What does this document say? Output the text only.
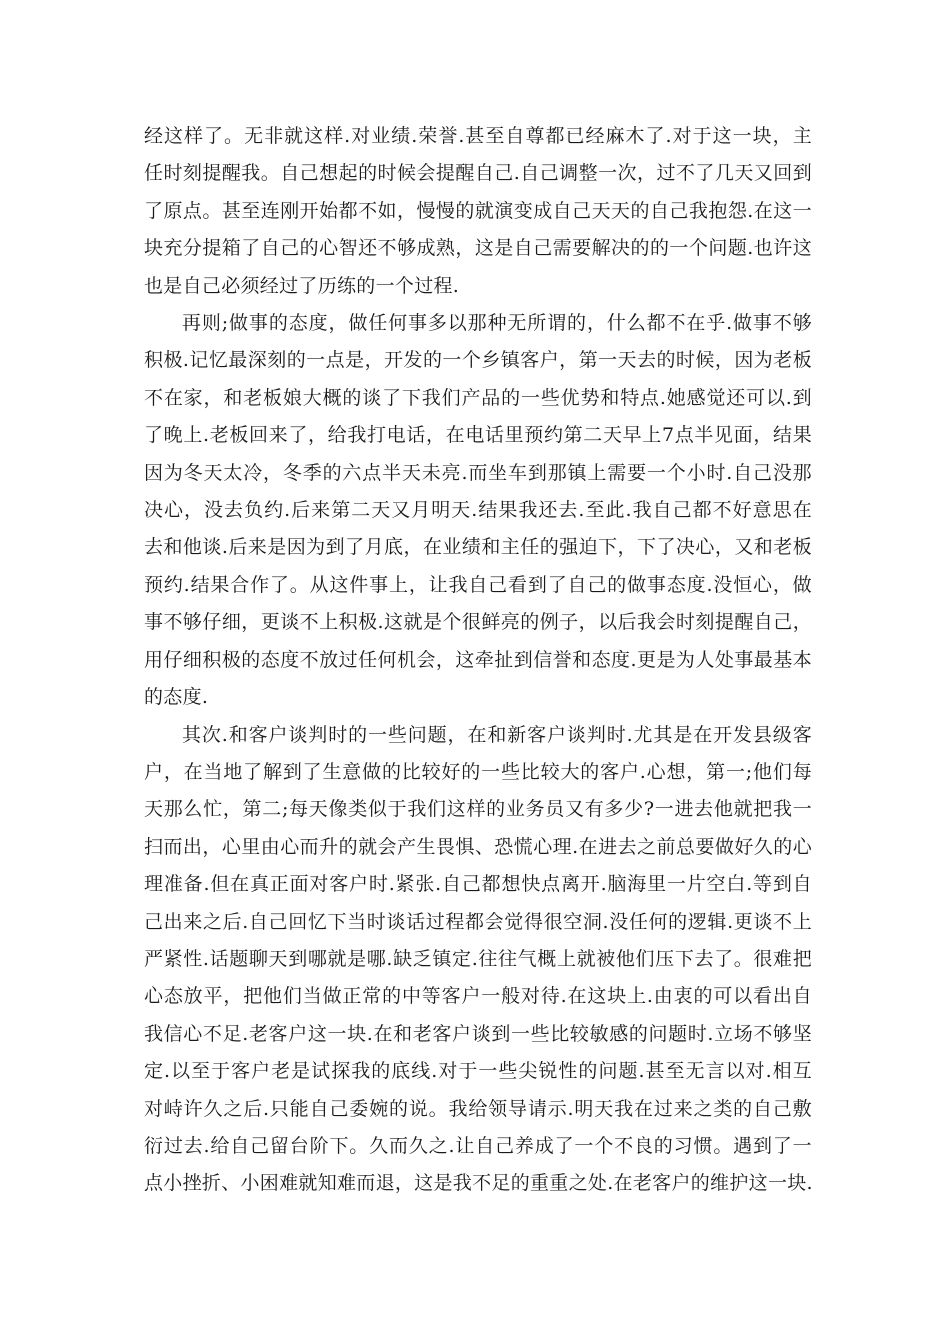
经这样了。无非就这样.对业绩.荣誉.甚至自尊都已经麻木了.对于这一块，主
任时刻提醒我。自己想起的时候会提醒自己.自己调整一次，过不了几天又回到
了原点。甚至连刚开始都不如，慢慢的就演变成自己天天的自己我抱怨.在这一
块充分提箱了自己的心智还不够成熟，这是自己需要解决的的一个问题.也许这
也是自己必须经过了历练的一个过程.
再则;做事的态度，做任何事多以那种无所谓的，什么都不在乎.做事不够
积极.记忆最深刻的一点是，开发的一个乡镇客户，第一天去的时候，因为老板
不在家，和老板娘大概的谈了下我们产品的一些优势和特点.她感觉还可以.到
了晚上.老板回来了，给我打电话，在电话里预约第二天早上7点半见面，结果
因为冬天太冷，冬季的六点半天未亮.而坐车到那镇上需要一个小时.自己没那
决心，没去负约.后来第二天又月明天.结果我还去.至此.我自己都不好意思在
去和他谈.后来是因为到了月底，在业绩和主任的强迫下，下了决心，又和老板
预约.结果合作了。从这件事上，让我自己看到了自己的做事态度.没恒心，做
事不够仔细，更谈不上积极.这就是个很鲜亮的例子，以后我会时刻提醒自己，
用仔细积极的态度不放过任何机会，这牵扯到信誉和态度.更是为人处事最基本
的态度.
其次.和客户谈判时的一些问题，在和新客户谈判时.尤其是在开发县级客
户，在当地了解到了生意做的比较好的一些比较大的客户.心想，第一;他们每
天那么忙，第二;每天像类似于我们这样的业务员又有多少?一进去他就把我一
扫而出，心里由心而升的就会产生畏惧、恐慌心理.在进去之前总要做好久的心
理准备.但在真正面对客户时.紧张.自己都想快点离开.脑海里一片空白.等到自
己出来之后.自己回忆下当时谈话过程都会觉得很空洞.没任何的逻辑.更谈不上
严紧性.话题聊天到哪就是哪.缺乏镇定.往往气概上就被他们压下去了。很难把
心态放平，把他们当做正常的中等客户一般对待.在这块上.由衷的可以看出自
我信心不足.老客户这一块.在和老客户谈到一些比较敏感的问题时.立场不够坚
定.以至于客户老是试探我的底线.对于一些尖锐性的问题.甚至无言以对.相互
对峙许久之后.只能自己委婉的说。我给领导请示.明天我在过来之类的自己敷
衍过去.给自己留台阶下。久而久之.让自己养成了一个不良的习惯。遇到了一
点小挫折、小困难就知难而退，这是我不足的重重之处.在老客户的维护这一块.
